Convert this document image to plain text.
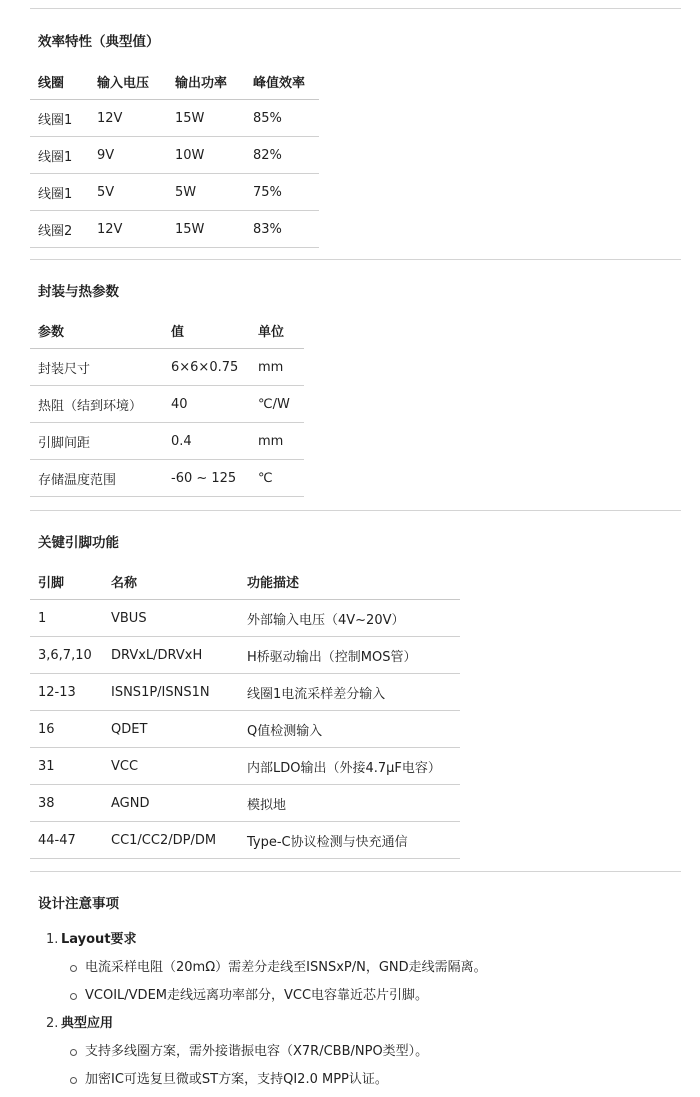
效率特性（典型值）
线圈	输入电压	输出功率	峰值效率
线圈1	12V	15W	85%
线圈1	9V	10W	82%
线圈1	5V	5W	75%
线圈2	12V	15W	83%
封装与热参数
参数	值	单位
封装尺寸	6×6×0.75	mm
热阻（结到环境）	40	℃/W
引脚间距	0.4	mm
存储温度范围	-60 ~ 125	℃
关键引脚功能
引脚	名称	功能描述
1	VBUS	外部输入电压（4V~20V）
3,6,7,10	DRVxL/DRVxH	H桥驱动输出（控制MOS管）
12-13	ISNS1P/ISNS1N	线圈1电流采样差分输入
16	QDET	Q值检测输入
31	VCC	内部LDO输出（外接4.7μF电容）
38	AGND	模拟地
44-47	CC1/CC2/DP/DM	Type-C协议检测与快充通信
设计注意事项
1. Layout要求
电流采样电阻（20mΩ）需差分走线至ISNSxP/N，GND走线需隔离。
VCOIL/VDEM走线远离功率部分，VCC电容靠近芯片引脚。
2. 典型应用
支持多线圈方案，需外接谐振电容（X7R/CBB/NPO类型）。
加密IC可选复旦微或ST方案，支持QI2.0 MPP认证。
